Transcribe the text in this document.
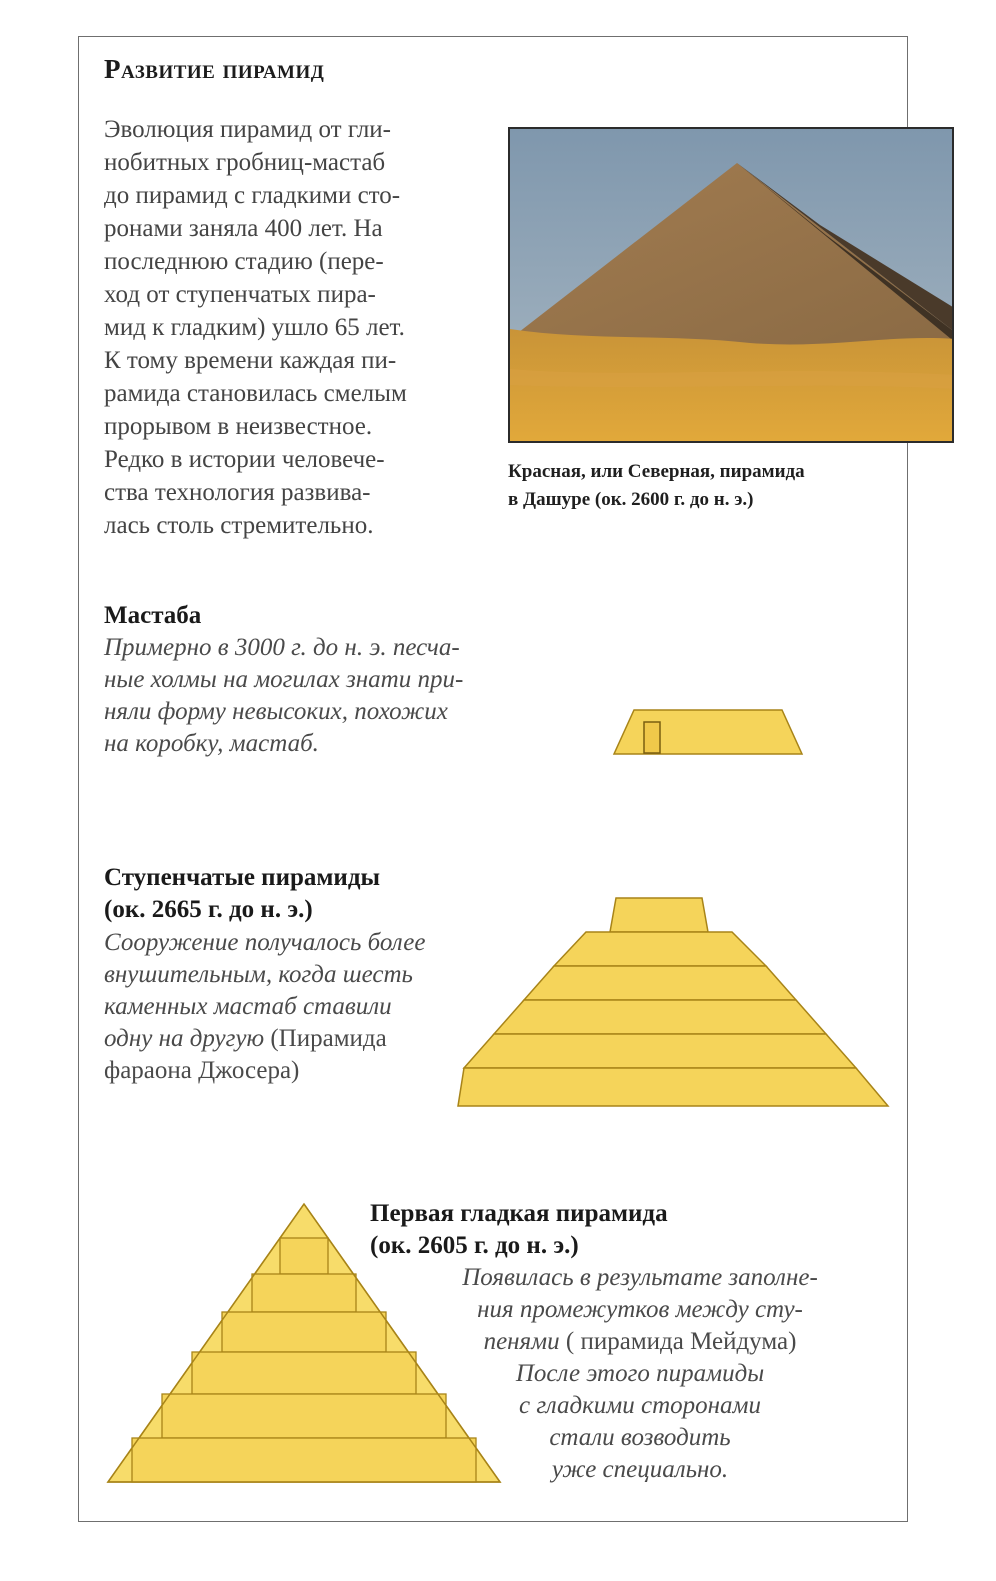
Развитие пирамид
Эволюция пирамид от гли-
нобитных гробниц-мастаб
до пирамид с гладкими сто-
ронами заняла 400 лет. На
последнюю стадию (пере-
ход от ступенчатых пира-
мид к гладким) ушло 65 лет.
К тому времени каждая пи-
рамида становилась смелым
прорывом в неизвестное.
Редко в истории человече-
ства технология развива-
лась столь стремительно.
Красная, или Северная, пирамида
в Дашуре (ок. 2600 г. до н. э.)
Мастаба
Примерно в 3000 г. до н. э. песча-
ные холмы на могилах знати при-
няли форму невысоких, похожих
на коробку, мастаб.
Ступенчатые пирамиды
(ок. 2665 г. до н. э.)
Сооружение получалось более
внушительным, когда шесть
каменных мастаб ставили
одну на другую (Пирамида
фараона Джосера)
Первая гладкая пирамида
(ок. 2605 г. до н. э.)
Появилась в результате заполне-
ния промежутков между сту-
пенями ( пирамида Мейдума)
После этого пирамиды
с гладкими сторонами
стали возводить
уже специально.
